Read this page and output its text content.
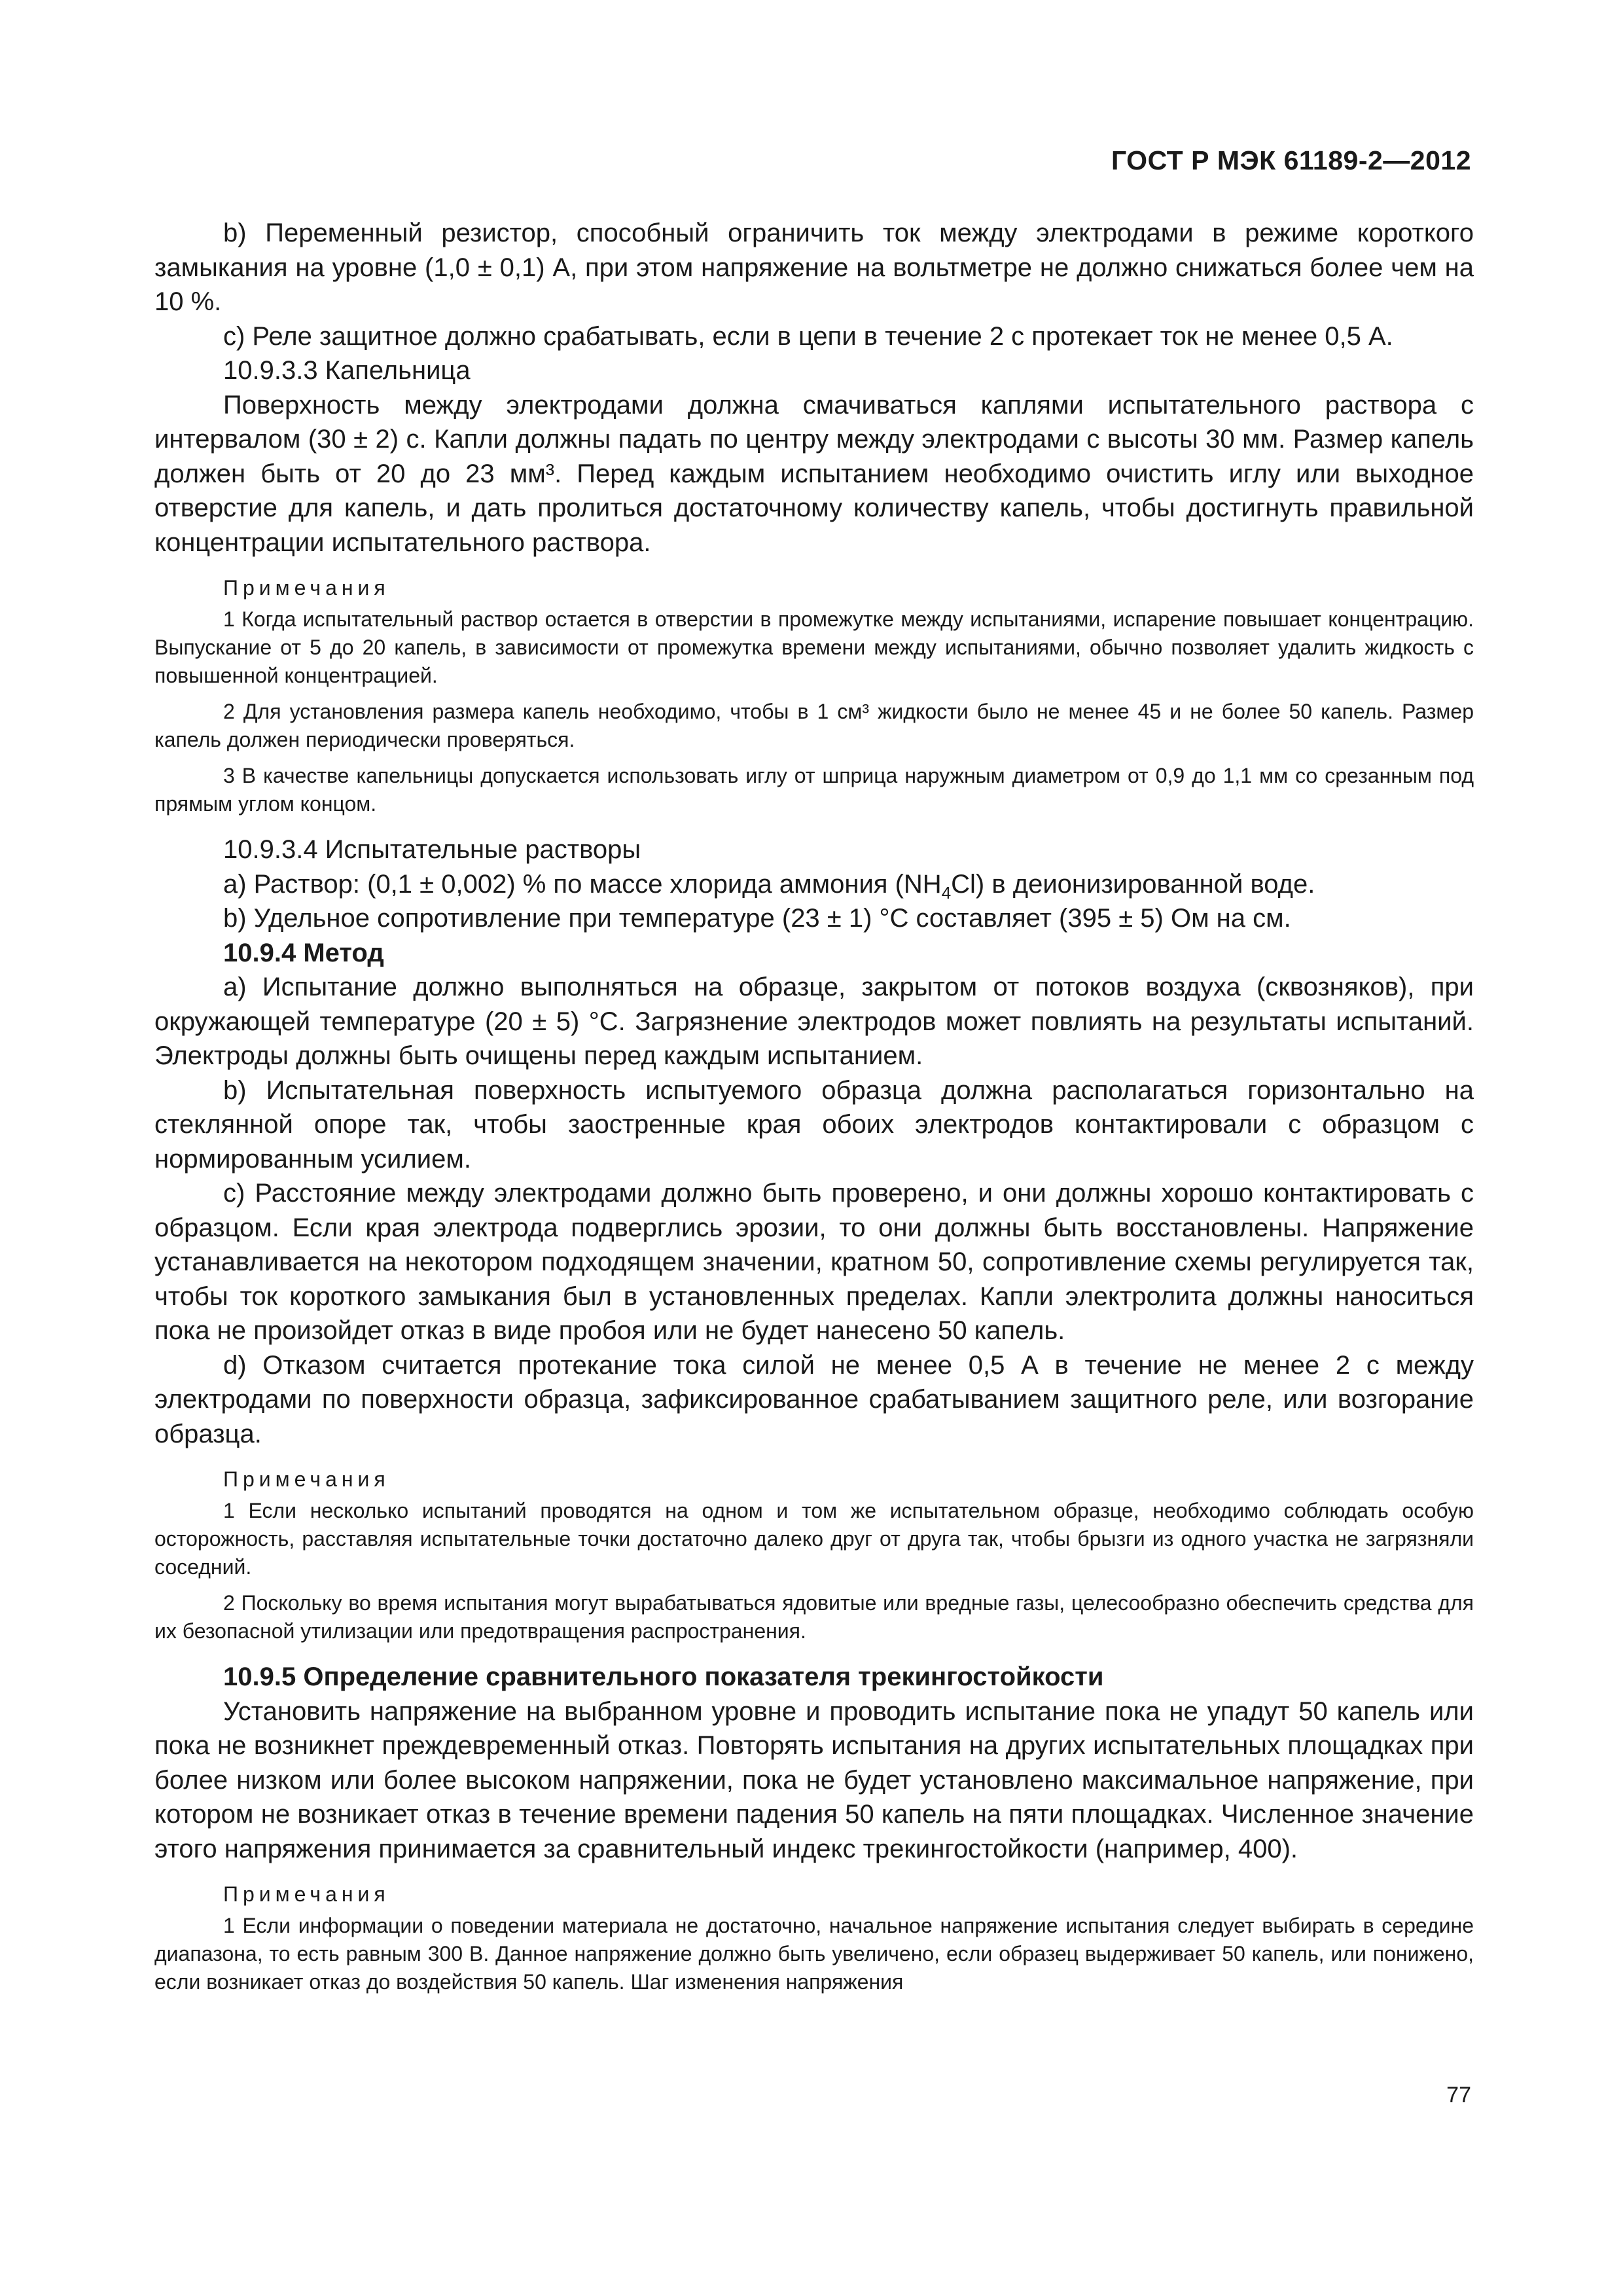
ГОСТ Р МЭК 61189-2—2012

b) Переменный резистор, способный ограничить ток между электродами в режиме короткого замыкания на уровне (1,0 ± 0,1) А, при этом напряжение на вольтметре не должно снижаться более чем на 10 %.

c) Реле защитное должно срабатывать, если в цепи в течение 2 с протекает ток не менее 0,5 А.

10.9.3.3 Капельница

Поверхность между электродами должна смачиваться каплями испытательного раствора с интервалом (30 ± 2) с. Капли должны падать по центру между электродами с высоты 30 мм. Размер капель должен быть от 20 до 23 мм³. Перед каждым испытанием необходимо очистить иглу или выходное отверстие для капель, и дать пролиться достаточному количеству капель, чтобы достигнуть правильной концентрации испытательного раствора.

Примечания

1 Когда испытательный раствор остается в отверстии в промежутке между испытаниями, испарение повышает концентрацию. Выпускание от 5 до 20 капель, в зависимости от промежутка времени между испытаниями, обычно позволяет удалить жидкость с повышенной концентрацией.

2 Для установления размера капель необходимо, чтобы в 1 см³ жидкости было не менее 45 и не более 50 капель. Размер капель должен периодически проверяться.

3 В качестве капельницы допускается использовать иглу от шприца наружным диаметром от 0,9 до 1,1 мм со срезанным под прямым углом концом.

10.9.3.4 Испытательные растворы

a) Раствор: (0,1 ± 0,002) % по массе хлорида аммония $(NH_4Cl)$ в деионизированной воде.

b) Удельное сопротивление при температуре (23 ± 1) °С составляет (395 ± 5) Ом на см.

10.9.4 Метод

a) Испытание должно выполняться на образце, закрытом от потоков воздуха (сквозняков), при окружающей температуре (20 ± 5) °С. Загрязнение электродов может повлиять на результаты испытаний. Электроды должны быть очищены перед каждым испытанием.

b) Испытательная поверхность испытуемого образца должна располагаться горизонтально на стеклянной опоре так, чтобы заостренные края обоих электродов контактировали с образцом с нормированным усилием.

c) Расстояние между электродами должно быть проверено, и они должны хорошо контактировать с образцом. Если края электрода подверглись эрозии, то они должны быть восстановлены. Напряжение устанавливается на некотором подходящем значении, кратном 50, сопротивление схемы регулируется так, чтобы ток короткого замыкания был в установленных пределах. Капли электролита должны наноситься пока не произойдет отказ в виде пробоя или не будет нанесено 50 капель.

d) Отказом считается протекание тока силой не менее 0,5 А в течение не менее 2 с между электродами по поверхности образца, зафиксированное срабатыванием защитного реле, или возгорание образца.

Примечания

1 Если несколько испытаний проводятся на одном и том же испытательном образце, необходимо соблюдать особую осторожность, расставляя испытательные точки достаточно далеко друг от друга так, чтобы брызги из одного участка не загрязняли соседний.

2 Поскольку во время испытания могут вырабатываться ядовитые или вредные газы, целесообразно обеспечить средства для их безопасной утилизации или предотвращения распространения.

10.9.5 Определение сравнительного показателя трекингостойкости

Установить напряжение на выбранном уровне и проводить испытание пока не упадут 50 капель или пока не возникнет преждевременный отказ. Повторять испытания на других испытательных площадках при более низком или более высоком напряжении, пока не будет установлено максимальное напряжение, при котором не возникает отказ в течение времени падения 50 капель на пяти площадках. Численное значение этого напряжения принимается за сравнительный индекс трекингостойкости (например, 400).

Примечания

1 Если информации о поведении материала не достаточно, начальное напряжение испытания следует выбирать в середине диапазона, то есть равным 300 В. Данное напряжение должно быть увеличено, если образец выдерживает 50 капель, или понижено, если возникает отказ до воздействия 50 капель. Шаг изменения напряжения

77
